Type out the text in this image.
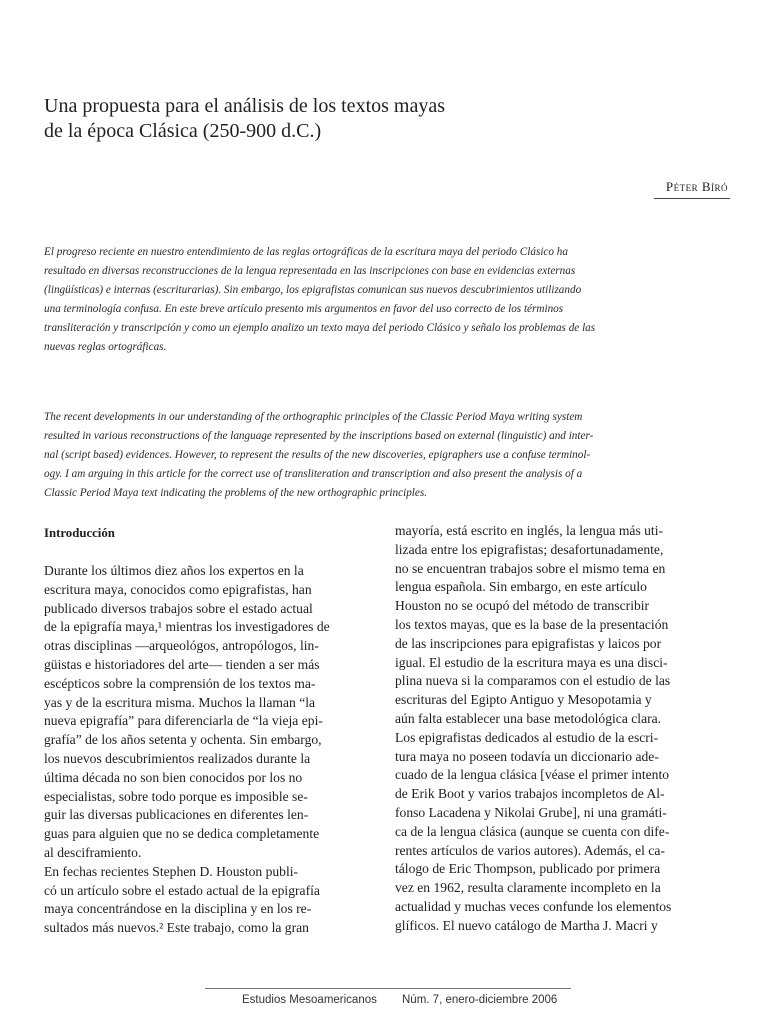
Una propuesta para el análisis de los textos mayas
de la época Clásica (250-900 d.C.)
Péter Bíró
El progreso reciente en nuestro entendimiento de las reglas ortográficas de la escritura maya del periodo Clásico ha
resultado en diversas reconstrucciones de la lengua representada en las inscripciones con base en evidencias externas
(lingüísticas) e internas (escriturarias). Sin embargo, los epigrafistas comunican sus nuevos descubrimientos utilizando
una terminología confusa. En este breve artículo presento mis argumentos en favor del uso correcto de los términos
transliteración y transcripción y como un ejemplo analizo un texto maya del periodo Clásico y señalo los problemas de las
nuevas reglas ortográficas.
The recent developments in our understanding of the orthographic principles of the Classic Period Maya writing system
resulted in various reconstructions of the language represented by the inscriptions based on external (linguistic) and inter-
nal (script based) evidences. However, to represent the results of the new discoveries, epigraphers use a confuse terminol-
ogy. I am arguing in this article for the correct use of transliteration and transcription and also present the analysis of a
Classic Period Maya text indicating the problems of the new orthographic principles.
Introducción
Durante los últimos diez años los expertos en la
escritura maya, conocidos como epigrafistas, han
publicado diversos trabajos sobre el estado actual
de la epigrafía maya,¹ mientras los investigadores de
otras disciplinas —arqueológos, antropólogos, lin-
güistas e historiadores del arte— tienden a ser más
escépticos sobre la comprensión de los textos ma-
yas y de la escritura misma. Muchos la llaman “la
nueva epigrafía” para diferenciarla de “la vieja epi-
grafía” de los años setenta y ochenta. Sin embargo,
los nuevos descubrimientos realizados durante la
última década no son bien conocidos por los no
especialistas, sobre todo porque es imposible se-
guir las diversas publicaciones en diferentes len-
guas para alguien que no se dedica completamente
al desciframiento.
En fechas recientes Stephen D. Houston publi-
có un artículo sobre el estado actual de la epigrafía
maya concentrándose en la disciplina y en los re-
sultados más nuevos.² Este trabajo, como la gran
mayoría, está escrito en inglés, la lengua más uti-
lizada entre los epigrafistas; desafortunadamente,
no se encuentran trabajos sobre el mismo tema en
lengua española. Sin embargo, en este artículo
Houston no se ocupó del método de transcribir
los textos mayas, que es la base de la presentación
de las inscripciones para epigrafistas y laicos por
igual. El estudio de la escritura maya es una disci-
plina nueva si la comparamos con el estudio de las
escrituras del Egipto Antiguo y Mesopotamia y
aún falta establecer una base metodológica clara.
Los epigrafistas dedicados al estudio de la escri-
tura maya no poseen todavía un diccionario ade-
cuado de la lengua clásica [véase el primer intento
de Erik Boot y varios trabajos incompletos de Al-
fonso Lacadena y Nikolai Grube], ni una gramáti-
ca de la lengua clásica (aunque se cuenta con dife-
rentes artículos de varios autores). Además, el ca-
tálogo de Eric Thompson, publicado por primera
vez en 1962, resulta claramente incompleto en la
actualidad y muchas veces confunde los elementos
glíficos. El nuevo catálogo de Martha J. Macri y
Estudios Mesoamericanos Núm. 7, enero-diciembre 2006
